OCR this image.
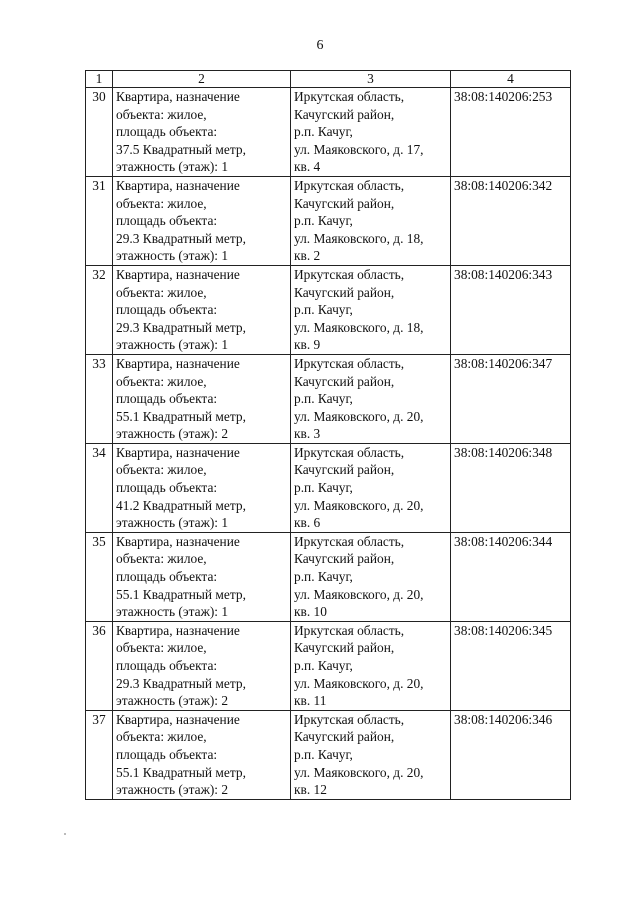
6
1	2	3	4
30	Квартира, назначение
объекта: жилое,
площадь объекта:
37.5 Квадратный метр,
этажность (этаж): 1	Иркутская область,
Качугский район,
р.п. Качуг,
ул. Маяковского, д. 17,
кв. 4	38:08:140206:253
31	Квартира, назначение
объекта: жилое,
площадь объекта:
29.3 Квадратный метр,
этажность (этаж): 1	Иркутская область,
Качугский район,
р.п. Качуг,
ул. Маяковского, д. 18,
кв. 2	38:08:140206:342
32	Квартира, назначение
объекта: жилое,
площадь объекта:
29.3 Квадратный метр,
этажность (этаж): 1	Иркутская область,
Качугский район,
р.п. Качуг,
ул. Маяковского, д. 18,
кв. 9	38:08:140206:343
33	Квартира, назначение
объекта: жилое,
площадь объекта:
55.1 Квадратный метр,
этажность (этаж): 2	Иркутская область,
Качугский район,
р.п. Качуг,
ул. Маяковского, д. 20,
кв. 3	38:08:140206:347
34	Квартира, назначение
объекта: жилое,
площадь объекта:
41.2 Квадратный метр,
этажность (этаж): 1	Иркутская область,
Качугский район,
р.п. Качуг,
ул. Маяковского, д. 20,
кв. 6	38:08:140206:348
35	Квартира, назначение
объекта: жилое,
площадь объекта:
55.1 Квадратный метр,
этажность (этаж): 1	Иркутская область,
Качугский район,
р.п. Качуг,
ул. Маяковского, д. 20,
кв. 10	38:08:140206:344
36	Квартира, назначение
объекта: жилое,
площадь объекта:
29.3 Квадратный метр,
этажность (этаж): 2	Иркутская область,
Качугский район,
р.п. Качуг,
ул. Маяковского, д. 20,
кв. 11	38:08:140206:345
37	Квартира, назначение
объекта: жилое,
площадь объекта:
55.1 Квадратный метр,
этажность (этаж): 2	Иркутская область,
Качугский район,
р.п. Качуг,
ул. Маяковского, д. 20,
кв. 12	38:08:140206:346
